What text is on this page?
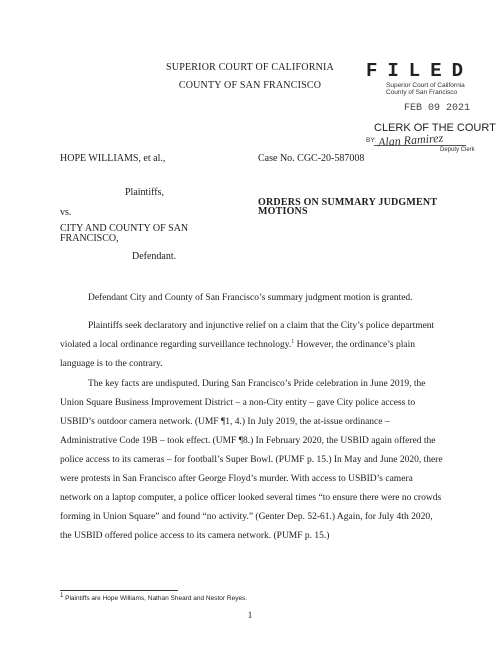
SUPERIOR COURT OF CALIFORNIA
COUNTY OF SAN FRANCISCO
FILED
Superior Court of California
County of San Francisco
FEB 09 2021
CLERK OF THE COURT
BY: Alan Ramirez
Deputy Clerk
HOPE WILLIAMS, et al.,	Case No. CGC-20-587008
Plaintiffs,
vs.
ORDERS ON SUMMARY JUDGMENT MOTIONS
CITY AND COUNTY OF SAN FRANCISCO,
Defendant.

Defendant City and County of San Francisco’s summary judgment motion is granted.

Plaintiffs seek declaratory and injunctive relief on a claim that the City’s police department violated a local ordinance regarding surveillance technology.$^1$ However, the ordinance’s plain language is to the contrary.

The key facts are undisputed. During San Francisco’s Pride celebration in June 2019, the Union Square Business Improvement District – a non-City entity – gave City police access to USBID’s outdoor camera network. (UMF ¶1, 4.) In July 2019, the at-issue ordinance – Administrative Code 19B – took effect. (UMF ¶8.) In February 2020, the USBID again offered the police access to its cameras – for football’s Super Bowl. (PUMF p. 15.) In May and June 2020, there were protests in San Francisco after George Floyd’s murder. With access to USBID’s camera network on a laptop computer, a police officer looked several times “to ensure there were no crowds forming in Union Square” and found “no activity.” (Genter Dep. 52-61.) Again, for July 4th 2020, the USBID offered police access to its camera network. (PUMF p. 15.)

$^1$ Plaintiffs are Hope Williams, Nathan Sheard and Nestor Reyes.
1
